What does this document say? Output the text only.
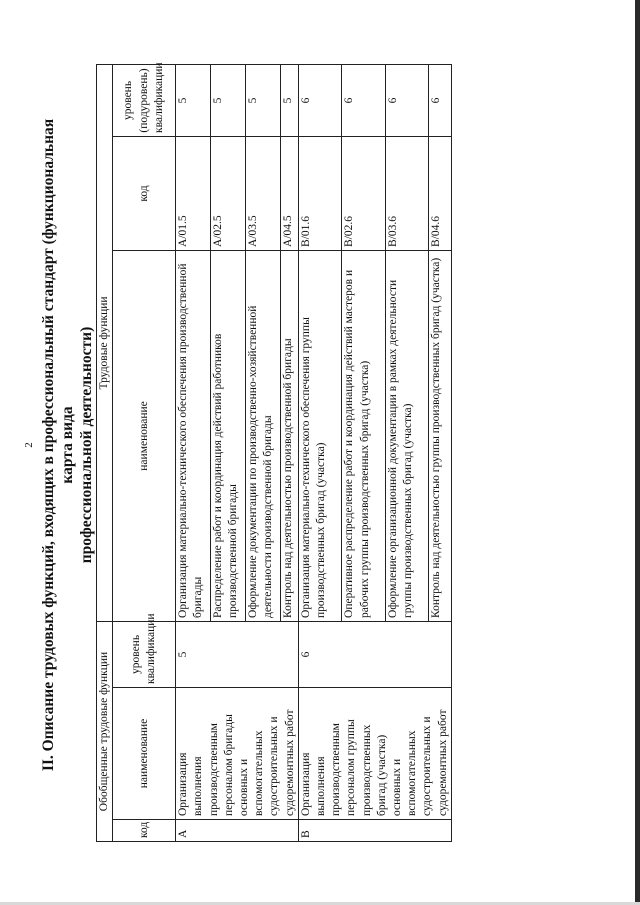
2 II. Описание трудовых функций, входящих в профессиональный стандарт (функциональная карта вида профессиональной деятельности)
Обобщенные трудовые функции			Трудовые функции		
код	наименование	уровень квалификации	наименование	код	уровень (подуровень) квалификации
A	Организация выполнения производственным персоналом бригады основных и вспомогательных судостроительных и судоремонтных работ	5	Организация материально-технического обеспечения производственной бригады	A/01.5	5
			Распределение работ и координация действий работников производственной бригады	A/02.5	5
			Оформление документации по производственно-хозяйственной деятельности производственной бригады	A/03.5	5
			Контроль над деятельностью производственной бригады	A/04.5	5
B	Организация выполнения производственным персоналом группы производственных бригад (участка) основных и вспомогательных судостроительных и судоремонтных работ	6	Организация материально-технического обеспечения группы производственных бригад (участка)	B/01.6	6
			Оперативное распределение работ и координация действий мастеров и рабочих группы производственных бригад (участка)	B/02.6	6
			Оформление организационной документации в рамках деятельности группы производственных бригад (участка)	B/03.6	6
			Контроль над деятельностью группы производственных бригад (участка)	B/04.6	6
